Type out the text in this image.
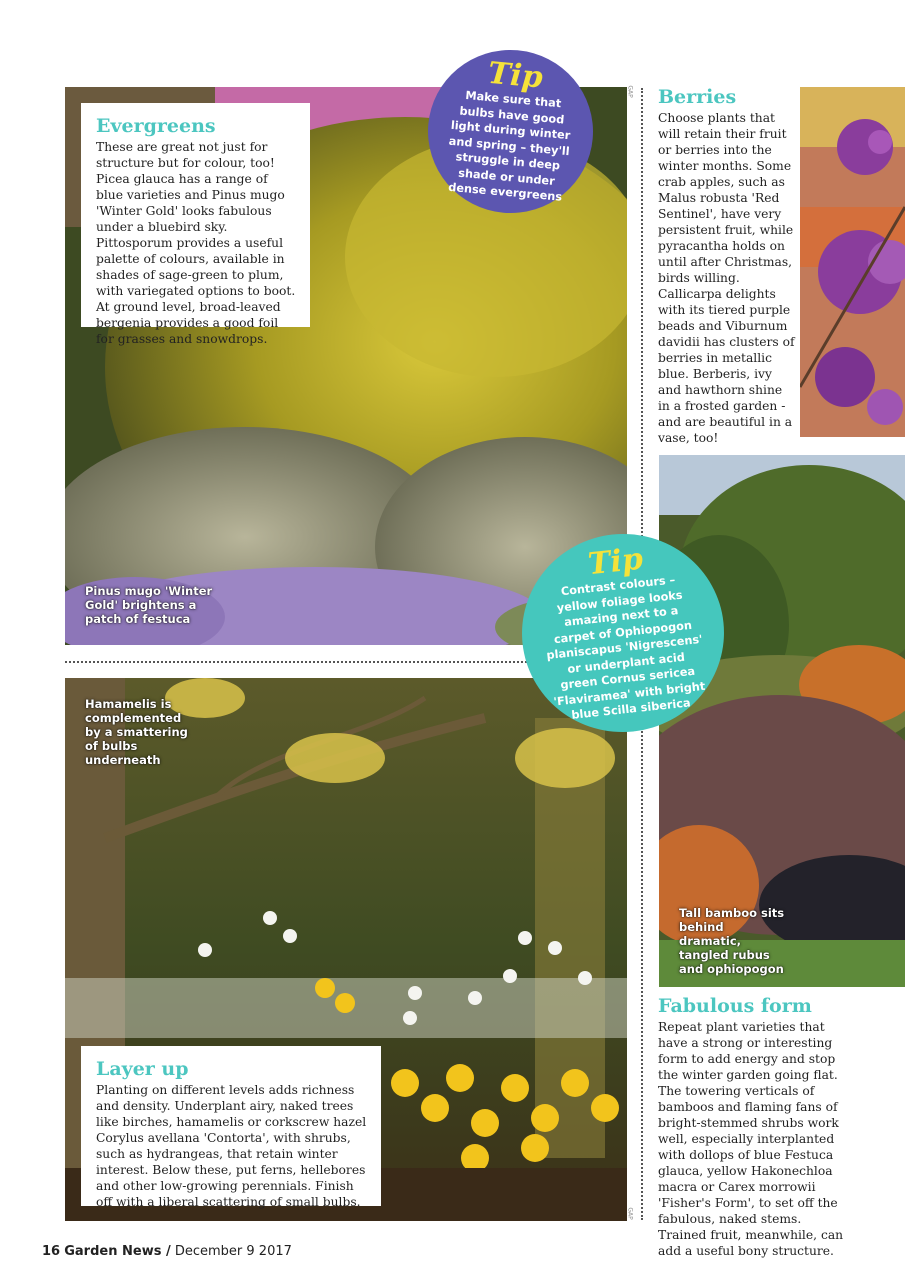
Evergreens

These are great not just for structure but for colour, too! Picea glauca has a range of blue varieties and Pinus mugo 'Winter Gold' looks fabulous under a bluebird sky. Pittosporum provides a useful palette of colours, available in shades of sage-green to plum, with variegated options to boot. At ground level, broad-leaved bergenia provides a good foil for grasses and snowdrops.

Pinus mugo 'Winter Gold' brightens a patch of festuca
GAP
Tip
Make sure that bulbs have good light during winter and spring – they'll struggle in deep shade or under dense evergreens
Berries

Choose plants that will retain their fruit or berries into the winter months. Some crab apples, such as Malus robusta 'Red Sentinel', have very persistent fruit, while pyracantha holds on until after Christmas, birds willing. Callicarpa delights with its tiered purple beads and Viburnum davidii has clusters of berries in metallic blue. Berberis, ivy and hawthorn shine in a frosted garden - and are beautiful in a vase, too!

Hamamelis is complemented by a smattering of bulbs underneath
Layer up

Planting on different levels adds richness and density. Underplant airy, naked trees like birches, hamamelis or corkscrew hazel Corylus avellana 'Contorta', with shrubs, such as hydrangeas, that retain winter interest. Below these, put ferns, hellebores and other low-growing perennials. Finish off with a liberal scattering of small bulbs.

GAP
Tall bamboo sits behind dramatic, tangled rubus and ophiopogon
Tip
Contrast colours – yellow foliage looks amazing next to a carpet of Ophiopogon planiscapus 'Nigrescens' or underplant acid green Cornus sericea 'Flaviramea' with bright blue Scilla siberica
Fabulous form

Repeat plant varieties that have a strong or interesting form to add energy and stop the winter garden going flat. The towering verticals of bamboos and flaming fans of bright-stemmed shrubs work well, especially interplanted with dollops of blue Festuca glauca, yellow Hakonechloa macra or Carex morrowii 'Fisher's Form', to set off the fabulous, naked stems. Trained fruit, meanwhile, can add a useful bony structure.

16 Garden News / December 9 2017
